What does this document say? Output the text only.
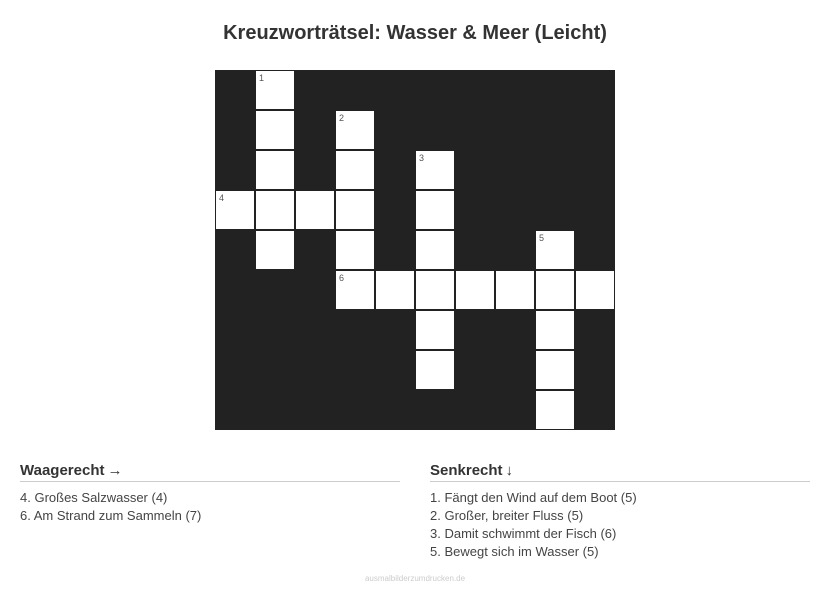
Kreuzworträtsel: Wasser & Meer (Leicht)
1
2
6
3
4
5
Waagerecht →
4. Großes Salzwasser (4)
6. Am Strand zum Sammeln (7)
Senkrecht ↓
1. Fängt den Wind auf dem Boot (5)
2. Großer, breiter Fluss (5)
3. Damit schwimmt der Fisch (6)
5. Bewegt sich im Wasser (5)
ausmalbilderzumdrucken.de
